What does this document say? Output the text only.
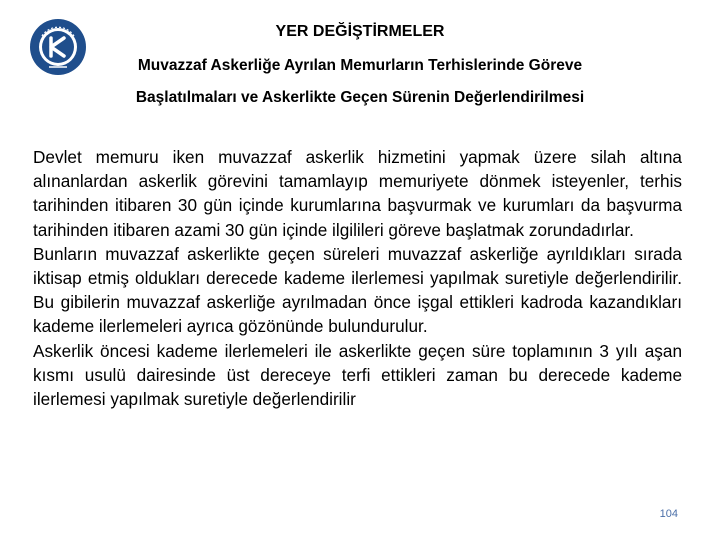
YER DEĞİŞTİRMELER
Muvazzaf Askerliğe Ayrılan Memurların Terhislerinde Göreve
Başlatılmaları ve Askerlikte Geçen Sürenin Değerlendirilmesi

Devlet memuru iken muvazzaf askerlik hizmetini yapmak üzere silah altına alınanlardan askerlik görevini tamamlayıp memuriyete dönmek isteyenler, terhis tarihinden itibaren 30 gün içinde kurumlarına başvurmak ve kurumları da başvurma tarihinden itibaren azami 30 gün içinde ilgilileri göreve başlatmak zorundadırlar.

Bunların muvazzaf askerlikte geçen süreleri muvazzaf askerliğe ayrıldıkları sırada iktisap etmiş oldukları derecede kademe ilerlemesi yapılmak suretiyle değerlendirilir. Bu gibilerin muvazzaf askerliğe ayrılmadan önce işgal ettikleri kadroda kazandıkları kademe ilerlemeleri ayrıca gözönünde bulundurulur.

Askerlik öncesi kademe ilerlemeleri ile askerlikte geçen süre toplamının 3 yılı aşan kısmı usulü dairesinde üst dereceye terfi ettikleri zaman bu derecede kademe ilerlemesi yapılmak suretiyle değerlendirilir

104
